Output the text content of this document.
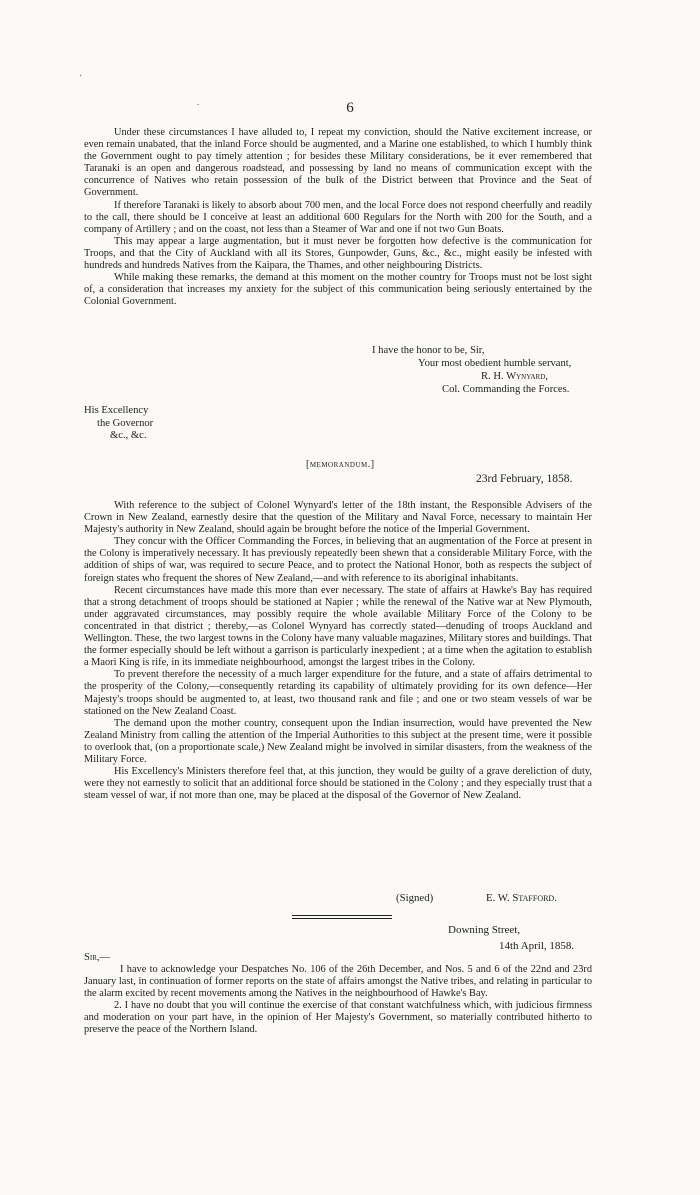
'
.	6

Under these circumstances I have alluded to, I repeat my conviction, should the Native excitement increase, or even remain unabated, that the inland Force should be augmented, and a Marine one established, to which I humbly think the Government ought to pay timely attention ; for besides these Military considerations, be it ever remembered that Taranaki is an open and dangerous roadstead, and possessing by land no means of communication except with the concurrence of Natives who retain possession of the bulk of the District between that Province and the Seat of Government.

If therefore Taranaki is likely to absorb about 700 men, and the local Force does not respond cheerfully and readily to the call, there should be I conceive at least an additional 600 Regulars for the North with 200 for the South, and a company of Artillery ; and on the coast, not less than a Steamer of War and one if not two Gun Boats.

This may appear a large augmentation, but it must never be forgotten how defective is the communication for Troops, and that the City of Auckland with all its Stores, Gunpowder, Guns, &c., &c., might easily be infested with hundreds and hundreds Natives from the Kaipara, the Thames, and other neighbouring Districts.

While making these remarks, the demand at this moment on the mother country for Troops must not be lost sight of, a consideration that increases my anxiety for the subject of this communication being seriously entertained by the Colonial Government.

I have the honor to be, Sir,
Your most obedient humble servant,
R. H. Wynyard,
Col. Commanding the Forces.
His Excellency
the Governor
&c., &c.
[memorandum.]
23rd February, 1858.

With reference to the subject of Colonel Wynyard's letter of the 18th instant, the Responsible Advisers of the Crown in New Zealand, earnestly desire that the question of the Military and Naval Force, necessary to maintain Her Majesty's authority in New Zealand, should again be brought before the notice of the Imperial Government.

They concur with the Officer Commanding the Forces, in believing that an augmentation of the Force at present in the Colony is imperatively necessary. It has previously repeatedly been shewn that a considerable Military Force, with the addition of ships of war, was required to secure Peace, and to protect the National Honor, both as respects the subject of foreign states who frequent the shores of New Zealand,—and with reference to its aboriginal inhabitants.

Recent circumstances have made this more than ever necessary. The state of affairs at Hawke's Bay has required that a strong detachment of troops should be stationed at Napier ; while the renewal of the Native war at New Plymouth, under aggravated circumstances, may possibly require the whole available Military Force of the Colony to be concentrated in that district ; thereby,—as Colonel Wynyard has correctly stated—denuding of troops Auckland and Wellington. These, the two largest towns in the Colony have many valuable magazines, Military stores and buildings. That the former especially should be left without a garrison is particularly inexpedient ; at a time when the agitation to establish a Maori King is rife, in its immediate neighbourhood, amongst the largest tribes in the Colony.

To prevent therefore the necessity of a much larger expenditure for the future, and a state of affairs detrimental to the prosperity of the Colony,—consequently retarding its capability of ultimately providing for its own defence—Her Majesty's troops should be augmented to, at least, two thousand rank and file ; and one or two steam vessels of war be stationed on the New Zealand Coast.

The demand upon the mother country, consequent upon the Indian insurrection, would have prevented the New Zealand Ministry from calling the attention of the Imperial Authorities to this subject at the present time, were it possible to overlook that, (on a proportionate scale,) New Zealand might be involved in similar disasters, from the weakness of the Military Force.

His Excellency's Ministers therefore feel that, at this junction, they would be guilty of a grave dereliction of duty, were they not earnestly to solicit that an additional force should be stationed in the Colony ; and they especially trust that a steam vessel of war, if not more than one, may be placed at the disposal of the Governor of New Zealand.

(Signed)	E. W. Stafford.
Downing Street,
14th April, 1858.
Sir,—

I have to acknowledge your Despatches No. 106 of the 26th December, and Nos. 5 and 6 of the 22nd and 23rd January last, in continuation of former reports on the state of affairs amongst the Native tribes, and relating in particular to the alarm excited by recent movements among the Natives in the neighbourhood of Hawke's Bay.

2. I have no doubt that you will continue the exercise of that constant watchfulness which, with judicious firmness and moderation on your part have, in the opinion of Her Majesty's Government, so materially contributed hitherto to preserve the peace of the Northern Island.
